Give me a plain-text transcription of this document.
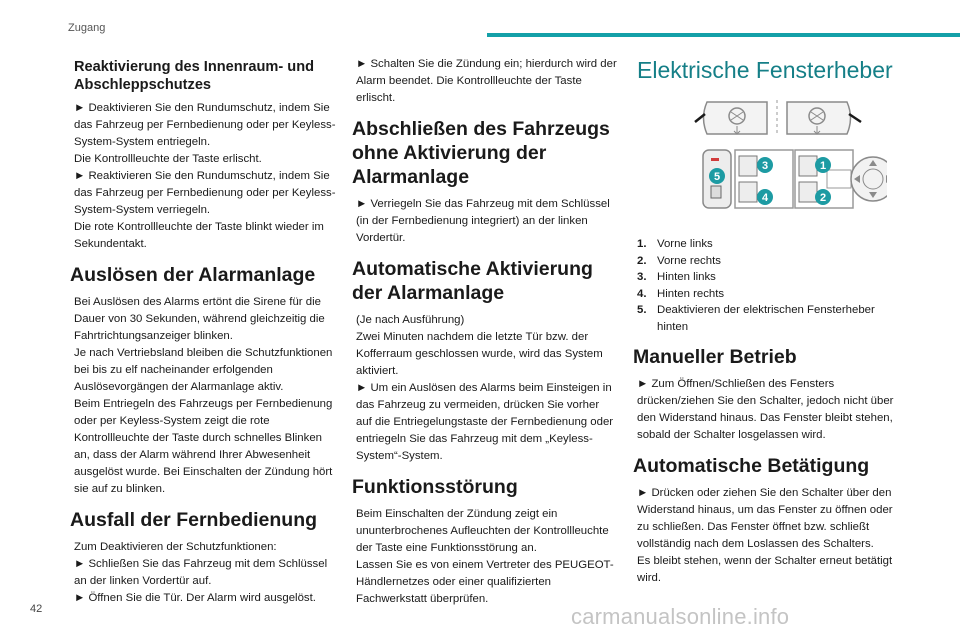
Zugang
Reaktivierung des Innenraum- und Abschleppschutzes

► Deaktivieren Sie den Rundumschutz, indem Sie das Fahrzeug per Fernbedienung oder per Keyless-System-System entriegeln.

Die Kontrollleuchte der Taste erlischt.

► Reaktivieren Sie den Rundumschutz, indem Sie das Fahrzeug per Fernbedienung oder per Keyless-System-System verriegeln.

Die rote Kontrollleuchte der Taste blinkt wieder im Sekundentakt.

Auslösen der Alarmanlage

Bei Auslösen des Alarms ertönt die Sirene für die Dauer von 30 Sekunden, während gleichzeitig die Fahrtrichtungsanzeiger blinken.

Je nach Vertriebsland bleiben die Schutzfunktionen bei bis zu elf nacheinander erfolgenden Auslösevorgängen der Alarmanlage aktiv.

Beim Entriegeln des Fahrzeugs per Fernbedienung oder per Keyless-System zeigt die rote Kontrollleuchte der Taste durch schnelles Blinken an, dass der Alarm während Ihrer Abwesenheit ausgelöst wurde. Bei Einschalten der Zündung hört sie auf zu blinken.

Ausfall der Fernbedienung

Zum Deaktivieren der Schutzfunktionen:

► Schließen Sie das Fahrzeug mit dem Schlüssel an der linken Vordertür auf.

► Öffnen Sie die Tür. Der Alarm wird ausgelöst.

► Schalten Sie die Zündung ein; hierdurch wird der Alarm beendet. Die Kontrollleuchte der Taste erlischt.

Abschließen des Fahrzeugs ohne Aktivierung der Alarmanlage

► Verriegeln Sie das Fahrzeug mit dem Schlüssel (in der Fernbedienung integriert) an der linken Vordertür.

Automatische Aktivierung der Alarmanlage

(Je nach Ausführung)

Zwei Minuten nachdem die letzte Tür bzw. der Kofferraum geschlossen wurde, wird das System aktiviert.

► Um ein Auslösen des Alarms beim Einsteigen in das Fahrzeug zu vermeiden, drücken Sie vorher auf die Entriegelungstaste der Fernbedienung oder entriegeln Sie das Fahrzeug mit dem „Keyless-System“-System.

Funktionsstörung

Beim Einschalten der Zündung zeigt ein ununterbrochenes Aufleuchten der Kontrollleuchte der Taste eine Funktionsstörung an.

Lassen Sie es von einem Vertreter des PEUGEOT-Händlernetzes oder einer qualifizierten Fachwerkstatt überprüfen.

Elektrische Fensterheber
1
2
3
4
5
1. Vorne links
2. Vorne rechts
3. Hinten links
4. Hinten rechts
5. Deaktivieren der elektrischen Fensterheber hinten
Manueller Betrieb

► Zum Öffnen/Schließen des Fensters drücken/ziehen Sie den Schalter, jedoch nicht über den Widerstand hinaus. Das Fenster bleibt stehen, sobald der Schalter losgelassen wird.

Automatische Betätigung

► Drücken oder ziehen Sie den Schalter über den Widerstand hinaus, um das Fenster zu öffnen oder zu schließen. Das Fenster öffnet bzw. schließt vollständig nach dem Loslassen des Schalters.

Es bleibt stehen, wenn der Schalter erneut betätigt wird.

42	carmanualsonline.info
